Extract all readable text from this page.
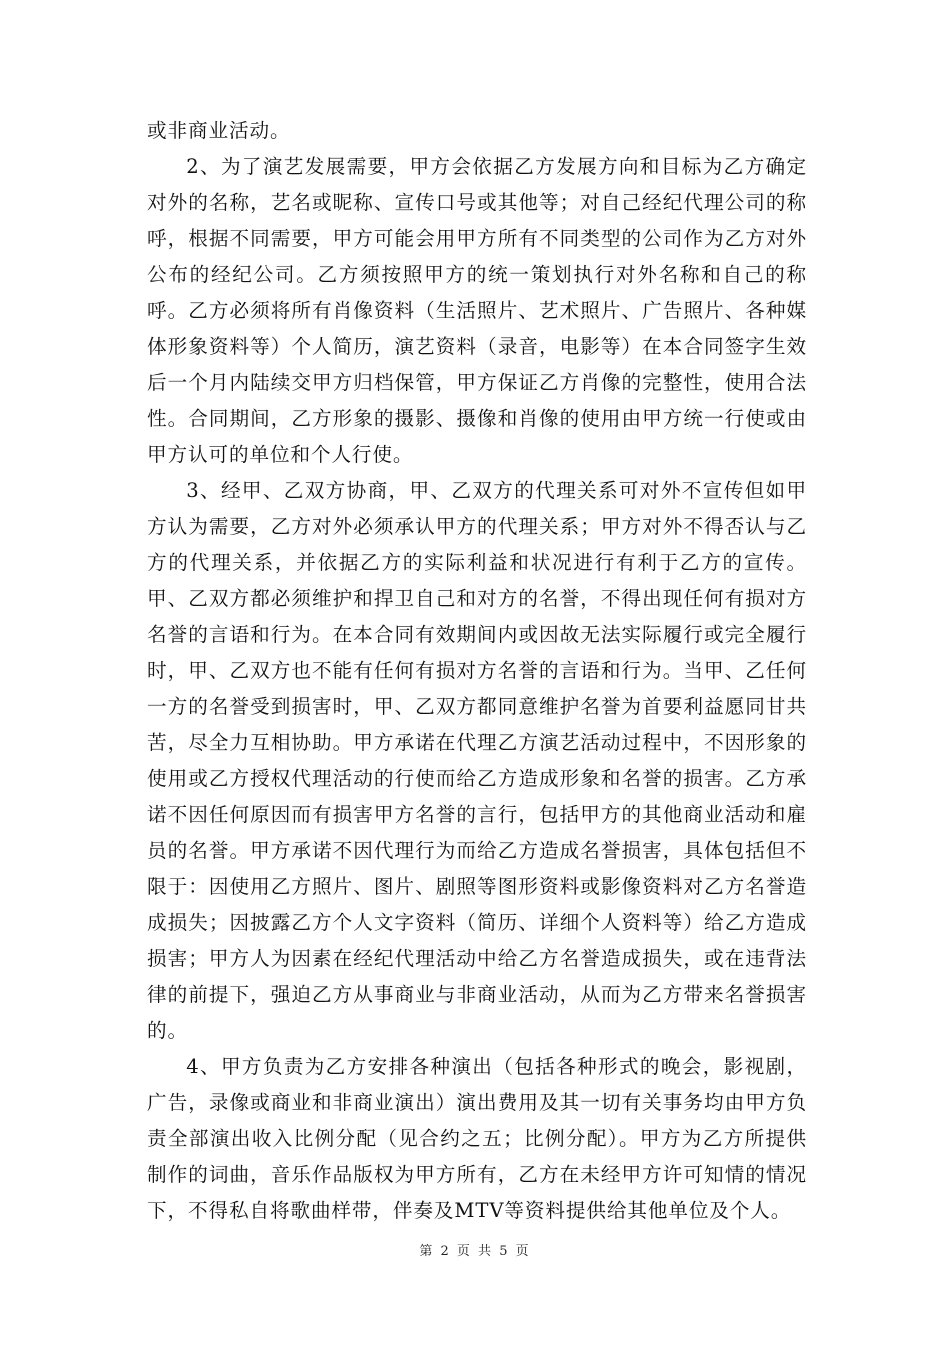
或非商业活动。

2、为了演艺发展需要，甲方会依据乙方发展方向和目标为乙方确定对外的名称，艺名或昵称、宣传口号或其他等；对自己经纪代理公司的称呼，根据不同需要，甲方可能会用甲方所有不同类型的公司作为乙方对外公布的经纪公司。乙方须按照甲方的统一策划执行对外名称和自己的称呼。乙方必须将所有肖像资料（生活照片、艺术照片、广告照片、各种媒体形象资料等）个人简历，演艺资料（录音，电影等）在本合同签字生效后一个月内陆续交甲方归档保管，甲方保证乙方肖像的完整性，使用合法性。合同期间，乙方形象的摄影、摄像和肖像的使用由甲方统一行使或由甲方认可的单位和个人行使。

3、经甲、乙双方协商，甲、乙双方的代理关系可对外不宣传但如甲方认为需要，乙方对外必须承认甲方的代理关系；甲方对外不得否认与乙方的代理关系，并依据乙方的实际利益和状况进行有利于乙方的宣传。甲、乙双方都必须维护和捍卫自己和对方的名誉，不得出现任何有损对方名誉的言语和行为。在本合同有效期间内或因故无法实际履行或完全履行时，甲、乙双方也不能有任何有损对方名誉的言语和行为。当甲、乙任何一方的名誉受到损害时，甲、乙双方都同意维护名誉为首要利益愿同甘共苦，尽全力互相协助。甲方承诺在代理乙方演艺活动过程中，不因形象的使用或乙方授权代理活动的行使而给乙方造成形象和名誉的损害。乙方承诺不因任何原因而有损害甲方名誉的言行，包括甲方的其他商业活动和雇员的名誉。甲方承诺不因代理行为而给乙方造成名誉损害，具体包括但不限于：因使用乙方照片、图片、剧照等图形资料或影像资料对乙方名誉造成损失；因披露乙方个人文字资料（简历、详细个人资料等）给乙方造成损害；甲方人为因素在经纪代理活动中给乙方名誉造成损失，或在违背法律的前提下，强迫乙方从事商业与非商业活动，从而为乙方带来名誉损害的。

4、甲方负责为乙方安排各种演出（包括各种形式的晚会，影视剧，广告，录像或商业和非商业演出）演出费用及其一切有关事务均由甲方负责全部演出收入比例分配（见合约之五；比例分配）。甲方为乙方所提供制作的词曲，音乐作品版权为甲方所有，乙方在未经甲方许可知情的情况下，不得私自将歌曲样带，伴奏及MTV等资料提供给其他单位及个人。

第 2 页 共 5 页
